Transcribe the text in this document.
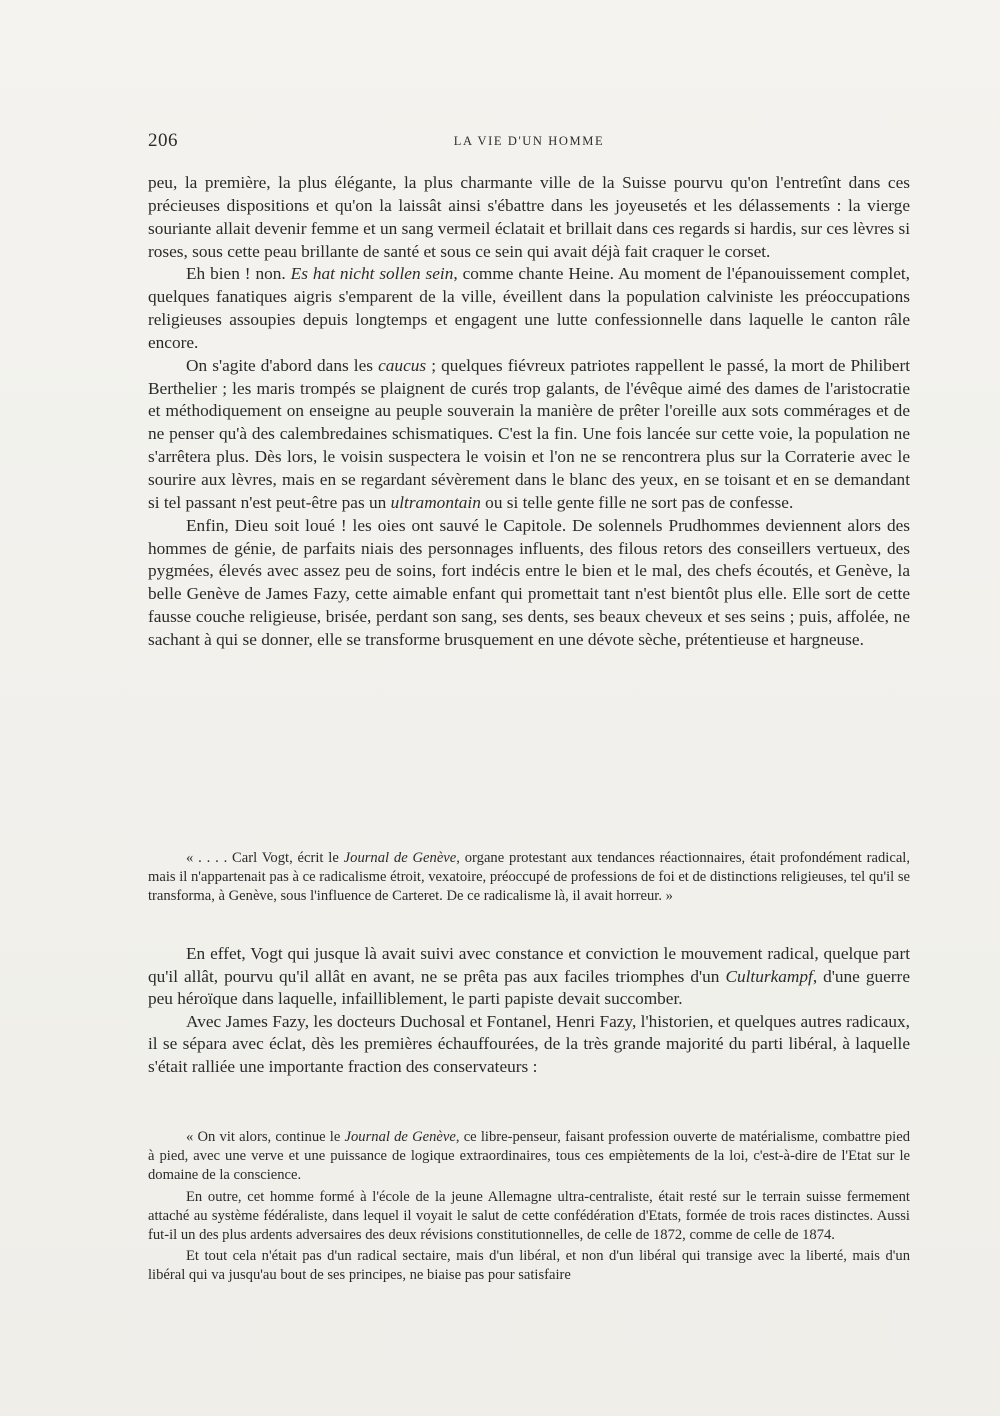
206	LA VIE D'UN HOMME

peu, la première, la plus élégante, la plus charmante ville de la Suisse pourvu qu'on l'entretînt dans ces précieuses dispositions et qu'on la laissât ainsi s'ébattre dans les joyeusetés et les délassements : la vierge souriante allait devenir femme et un sang vermeil éclatait et brillait dans ces regards si hardis, sur ces lèvres si roses, sous cette peau brillante de santé et sous ce sein qui avait déjà fait craquer le corset.

Eh bien ! non. Es hat nicht sollen sein, comme chante Heine. Au moment de l'épanouissement complet, quelques fanatiques aigris s'emparent de la ville, éveillent dans la population calviniste les préoccupations religieuses assoupies depuis longtemps et engagent une lutte confessionnelle dans laquelle le canton râle encore.

On s'agite d'abord dans les caucus ; quelques fiévreux patriotes rappellent le passé, la mort de Philibert Berthelier ; les maris trompés se plaignent de curés trop galants, de l'évêque aimé des dames de l'aristocratie et méthodiquement on enseigne au peuple souverain la manière de prêter l'oreille aux sots commérages et de ne penser qu'à des calembredaines schismatiques. C'est la fin. Une fois lancée sur cette voie, la population ne s'arrêtera plus. Dès lors, le voisin suspectera le voisin et l'on ne se rencontrera plus sur la Corraterie avec le sourire aux lèvres, mais en se regardant sévèrement dans le blanc des yeux, en se toisant et en se demandant si tel passant n'est peut-être pas un ultramontain ou si telle gente fille ne sort pas de confesse.

Enfin, Dieu soit loué ! les oies ont sauvé le Capitole. De solennels Prudhommes deviennent alors des hommes de génie, de parfaits niais des personnages influents, des filous retors des conseillers vertueux, des pygmées, élevés avec assez peu de soins, fort indécis entre le bien et le mal, des chefs écoutés, et Genève, la belle Genève de James Fazy, cette aimable enfant qui promettait tant n'est bientôt plus elle. Elle sort de cette fausse couche religieuse, brisée, perdant son sang, ses dents, ses beaux cheveux et ses seins ; puis, affolée, ne sachant à qui se donner, elle se transforme brusquement en une dévote sèche, prétentieuse et hargneuse.

« . . . . Carl Vogt, écrit le Journal de Genève, organe protestant aux tendances réactionnaires, était profondément radical, mais il n'appartenait pas à ce radicalisme étroit, vexatoire, préoccupé de professions de foi et de distinctions religieuses, tel qu'il se transforma, à Genève, sous l'influence de Carteret. De ce radicalisme là, il avait horreur. »

En effet, Vogt qui jusque là avait suivi avec constance et conviction le mouvement radical, quelque part qu'il allât, pourvu qu'il allât en avant, ne se prêta pas aux faciles triomphes d'un Culturkampf, d'une guerre peu héroïque dans laquelle, infailliblement, le parti papiste devait succomber.

Avec James Fazy, les docteurs Duchosal et Fontanel, Henri Fazy, l'historien, et quelques autres radicaux, il se sépara avec éclat, dès les premières échauffourées, de la très grande majorité du parti libéral, à laquelle s'était ralliée une importante fraction des conservateurs :

« On vit alors, continue le Journal de Genève, ce libre-penseur, faisant profession ouverte de matérialisme, combattre pied à pied, avec une verve et une puissance de logique extraordinaires, tous ces empiètements de la loi, c'est-à-dire de l'Etat sur le domaine de la conscience.

En outre, cet homme formé à l'école de la jeune Allemagne ultra-centraliste, était resté sur le terrain suisse fermement attaché au système fédéraliste, dans lequel il voyait le salut de cette confédération d'Etats, formée de trois races distinctes. Aussi fut-il un des plus ardents adversaires des deux révisions constitutionnelles, de celle de 1872, comme de celle de 1874.

Et tout cela n'était pas d'un radical sectaire, mais d'un libéral, et non d'un libéral qui transige avec la liberté, mais d'un libéral qui va jusqu'au bout de ses principes, ne biaise pas pour satisfaire
